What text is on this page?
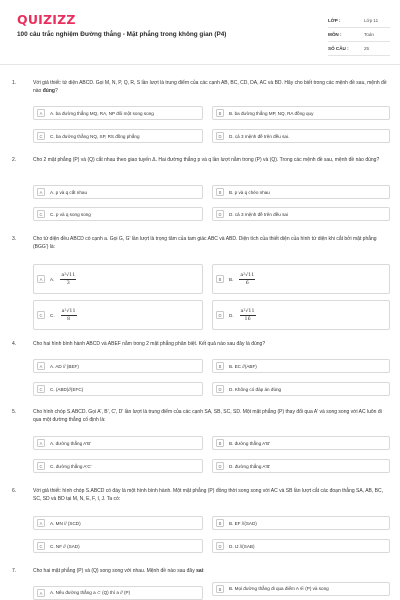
QUIZIZZ
100 câu trắc nghiệm Đường thẳng - Mặt phẳng trong không gian (P4)
LỚP :	Lớp 11
MÔN :	Toán
SỐ CÂU :	25
1.	Với giả thiết: tứ diện ABCD. Gọi M, N, P, Q, R, S lần lượt là trung điểm của các cạnh AB, BC, CD, DA, AC và BD. Hãy cho biết trong các mệnh đề sau, mệnh đề nào đúng?
A	A. ba đường thẳng MQ, RA, NP đôi một song song	B	B. ba đường thẳng MP, NQ, RA đồng quy
C	C. ba đường thẳng NQ, SP, RS đồng phẳng	D	D. cả 3 mệnh đề trên đều sai.
2.	Cho 2 mặt phẳng (P) và (Q) cắt nhau theo giao tuyến Δ. Hai đường thẳng p và q lần lượt nằm trong (P) và (Q). Trong các mệnh đề sau, mệnh đề nào đúng?
A	A. p và q cắt nhau	B	B. p và q chéo nhau
C	C. p và q song song	D	D. cả 3 mệnh đề trên đều sai
3.	Cho tứ diện đều ABCD có cạnh a. Gọi G, G' lần lượt là trọng tâm của tam giác ABC và ABD. Diện tích của thiết diện của hình tứ diện khi cắt bởi mặt phẳng (BGG') là:
A	A. $\frac{\text{a²√11}}{3}$	B	B. $\frac{\text{a²√11}}{6}$
C	C. $\frac{\text{a²√11}}{8}$	D	D. $\frac{\text{a²√11}}{16}$
4.	Cho hai hình bình hành ABCD và ABEF nằm trong 2 mặt phẳng phân biệt. Kết quả nào sau đây là đúng?
A	A. AD // (BEF)	B	B. EC //(ABF)
C	C. (ABD)//(EFC)	D	D. Không có đáp án đúng
5.	Cho hình chóp S.ABCD. Gọi A', B', C', D' lần lượt là trung điểm của các cạnh SA, SB, SC, SD. Một mặt phẳng (P) thay đổi qua A' và song song với AC luôn đi qua một đường thẳng cố định là:
A	A. đường thẳng A'B'	B	B. đường thẳng A'B'
C	C. đường thẳng A'C'	D	D. đường thẳng A'B'
6.	Với giả thiết: hình chóp S.ABCD có đáy là một hình bình hành. Một mặt phẳng (P) đồng thời song song với AC và SB lần lượt cắt các đoạn thẳng SA, AB, BC, SC, SD và BD tại M, N, E, F, I, J. Ta có:
A	A. MN // (SCD)	B	B. EF //(SAD)
C	C. NF // (SAD)	D	D. IJ //(SAB)
7.	Cho hai mặt phẳng (P) và (Q) song song với nhau. Mệnh đề nào sau đây sai:
A	A. Nếu đường thẳng a ⊂ (Q) thì a // (P)
B	B. Mọi đường thẳng đi qua điểm A ∈ (P) và song
